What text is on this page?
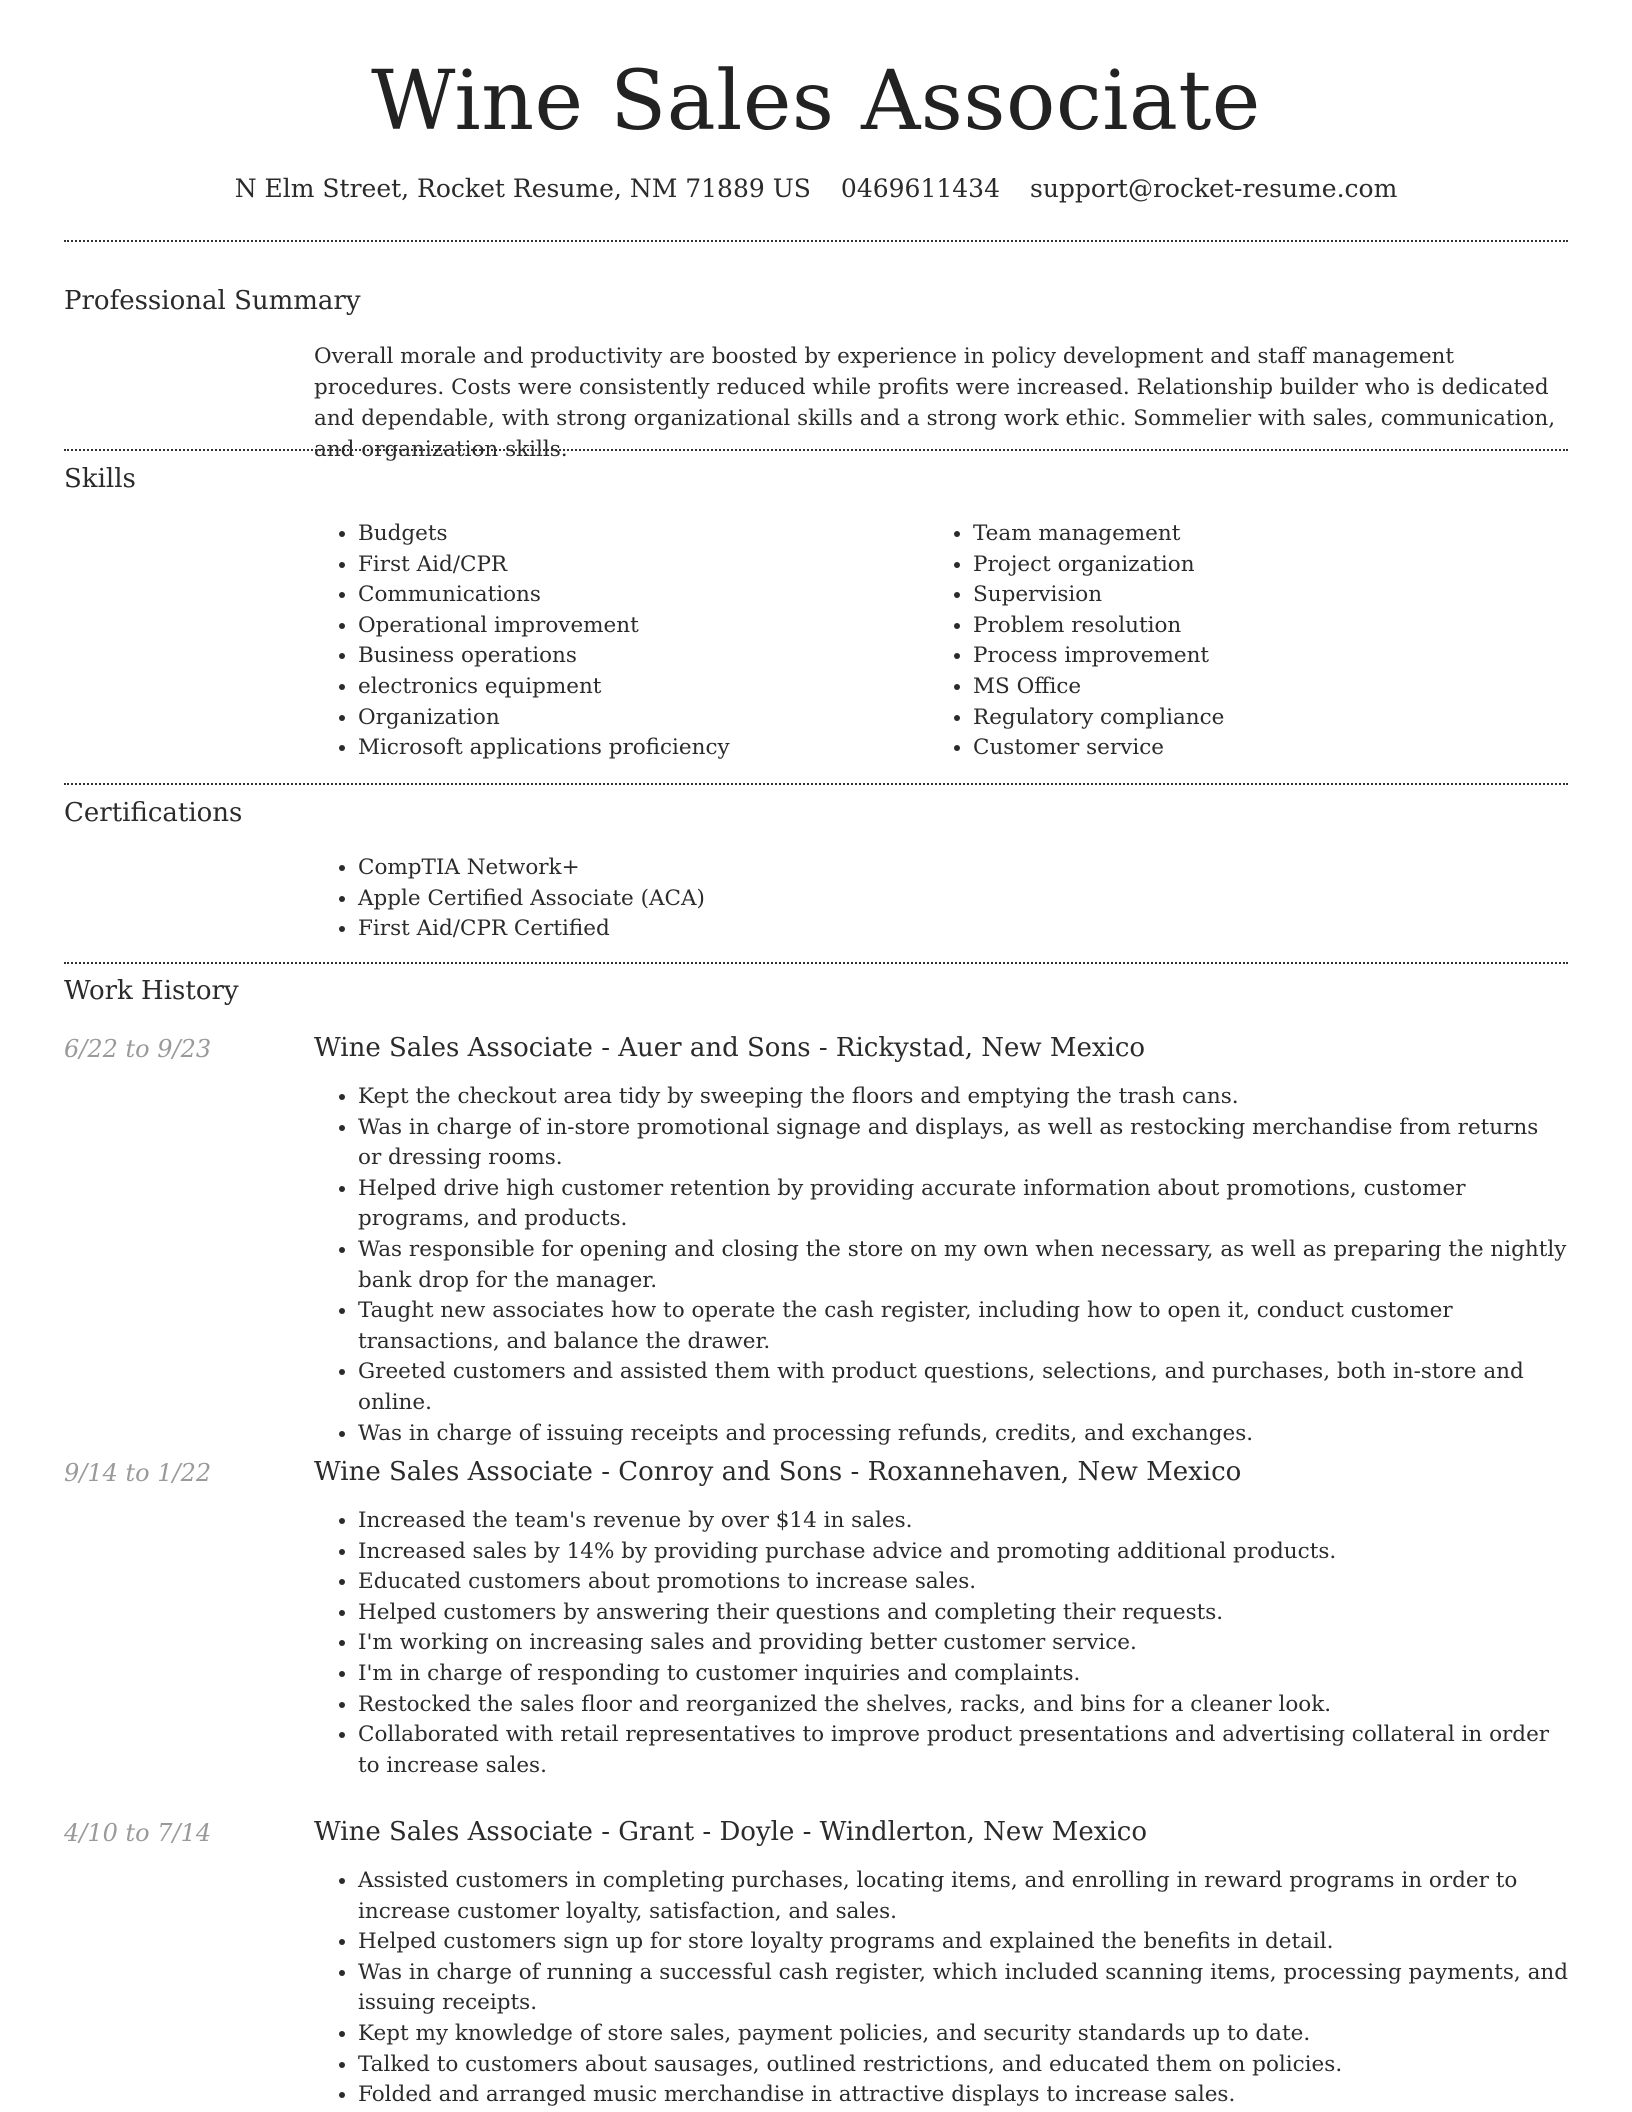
Wine Sales Associate
N Elm Street, Rocket Resume, NM 71889 US 0469611434 support@rocket-resume.com
Professional Summary
Overall morale and productivity are boosted by experience in policy development and staff management procedures. Costs were consistently reduced while profits were increased. Relationship builder who is dedicated and dependable, with strong organizational skills and a strong work ethic. Sommelier with sales, communication, and organization skills.
Skills
• Budgets
• First Aid/CPR
• Communications
• Operational improvement
• Business operations
• electronics equipment
• Organization
• Microsoft applications proficiency
• Team management
• Project organization
• Supervision
• Problem resolution
• Process improvement
• MS Office
• Regulatory compliance
• Customer service
Certifications
• CompTIA Network+
• Apple Certified Associate (ACA)
• First Aid/CPR Certified
Work History
6/22 to 9/23	Wine Sales Associate - Auer and Sons - Rickystad, New Mexico
• Kept the checkout area tidy by sweeping the floors and emptying the trash cans.
• Was in charge of in-store promotional signage and displays, as well as restocking merchandise from returns or dressing rooms.
• Helped drive high customer retention by providing accurate information about promotions, customer programs, and products.
• Was responsible for opening and closing the store on my own when necessary, as well as preparing the nightly bank drop for the manager.
• Taught new associates how to operate the cash register, including how to open it, conduct customer transactions, and balance the drawer.
• Greeted customers and assisted them with product questions, selections, and purchases, both in-store and online.
• Was in charge of issuing receipts and processing refunds, credits, and exchanges.
9/14 to 1/22	Wine Sales Associate - Conroy and Sons - Roxannehaven, New Mexico
• Increased the team's revenue by over $14 in sales.
• Increased sales by 14% by providing purchase advice and promoting additional products.
• Educated customers about promotions to increase sales.
• Helped customers by answering their questions and completing their requests.
• I'm working on increasing sales and providing better customer service.
• I'm in charge of responding to customer inquiries and complaints.
• Restocked the sales floor and reorganized the shelves, racks, and bins for a cleaner look.
• Collaborated with retail representatives to improve product presentations and advertising collateral in order to increase sales.
4/10 to 7/14	Wine Sales Associate - Grant - Doyle - Windlerton, New Mexico
• Assisted customers in completing purchases, locating items, and enrolling in reward programs in order to increase customer loyalty, satisfaction, and sales.
• Helped customers sign up for store loyalty programs and explained the benefits in detail.
• Was in charge of running a successful cash register, which included scanning items, processing payments, and issuing receipts.
• Kept my knowledge of store sales, payment policies, and security standards up to date.
• Talked to customers about sausages, outlined restrictions, and educated them on policies.
• Folded and arranged music merchandise in attractive displays to increase sales.
